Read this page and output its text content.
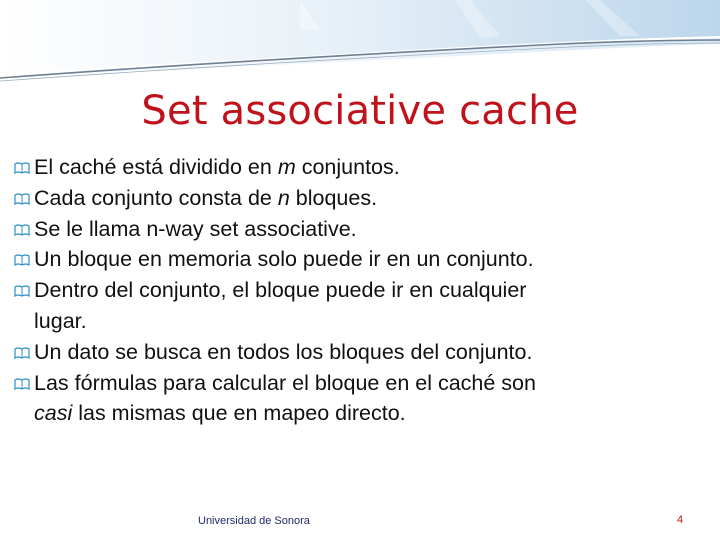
Set associative cache
El caché está dividido en m conjuntos.
Cada conjunto consta de n bloques.
Se le llama n-way set associative.
Un bloque en memoria solo puede ir en un conjunto.
Dentro del conjunto, el bloque puede ir en cualquier
lugar.
Un dato se busca en todos los bloques del conjunto.
Las fórmulas para calcular el bloque en el caché son
casi las mismas que en mapeo directo.
Universidad de Sonora	4
